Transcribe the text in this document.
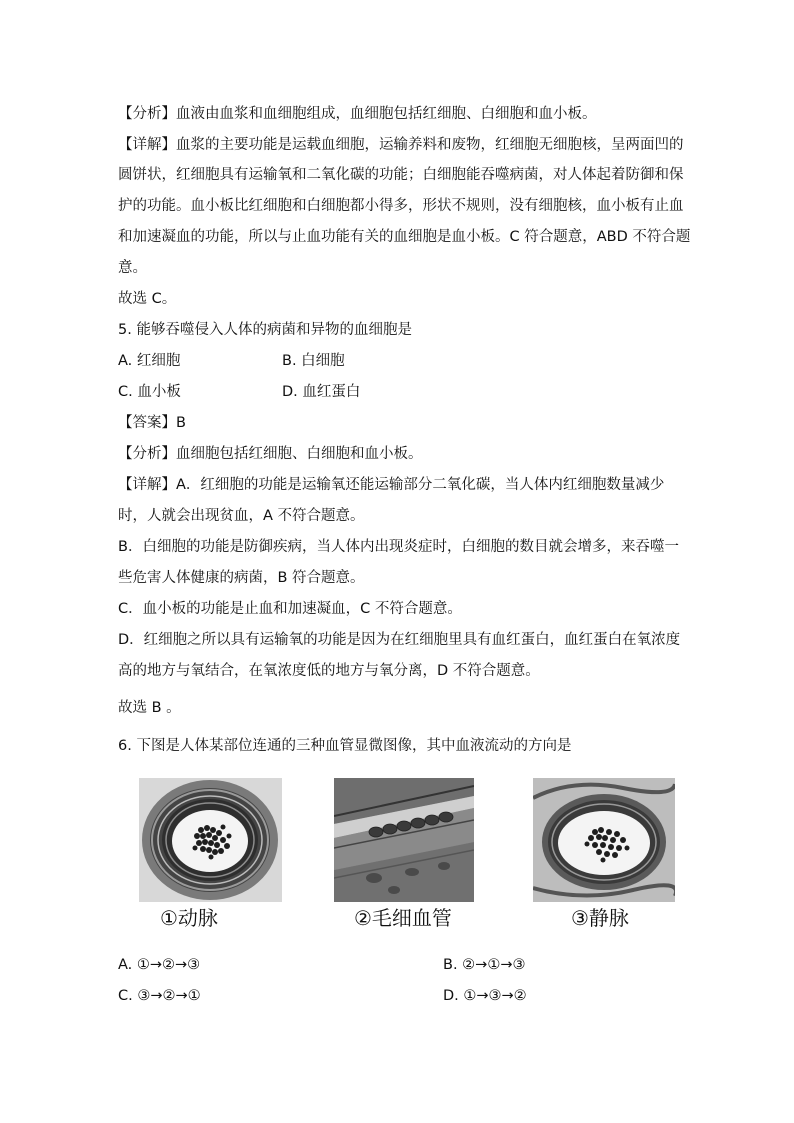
【分析】血液由血浆和血细胞组成，血细胞包括红细胞、白细胞和血小板。
【详解】血浆的主要功能是运载血细胞，运输养料和废物，红细胞无细胞核，呈两面凹的
圆饼状，红细胞具有运输氧和二氧化碳的功能；白细胞能吞噬病菌，对人体起着防御和保
护的功能。血小板比红细胞和白细胞都小得多，形状不规则，没有细胞核，血小板有止血
和加速凝血的功能，所以与止血功能有关的血细胞是血小板。C 符合题意，ABD 不符合题
意。
故选 C。
5. 能够吞噬侵入人体的病菌和异物的血细胞是
A. 红细胞	B. 白细胞
C. 血小板	D. 血红蛋白
【答案】B
【分析】血细胞包括红细胞、白细胞和血小板。
【详解】A．红细胞的功能是运输氧还能运输部分二氧化碳，当人体内红细胞数量减少
时，人就会出现贫血，A 不符合题意。
B．白细胞的功能是防御疾病，当人体内出现炎症时，白细胞的数目就会增多，来吞噬一
些危害人体健康的病菌，B 符合题意。
C．血小板的功能是止血和加速凝血，C 不符合题意。
D．红细胞之所以具有运输氧的功能是因为在红细胞里具有血红蛋白，血红蛋白在氧浓度
高的地方与氧结合，在氧浓度低的地方与氧分离，D 不符合题意。
故选 B 。
6. 下图是人体某部位连通的三种血管显微图像，其中血液流动的方向是
①动脉	②毛细血管	③静脉
A. ①→②→③	B. ②→①→③
C. ③→②→①	D. ①→③→②
